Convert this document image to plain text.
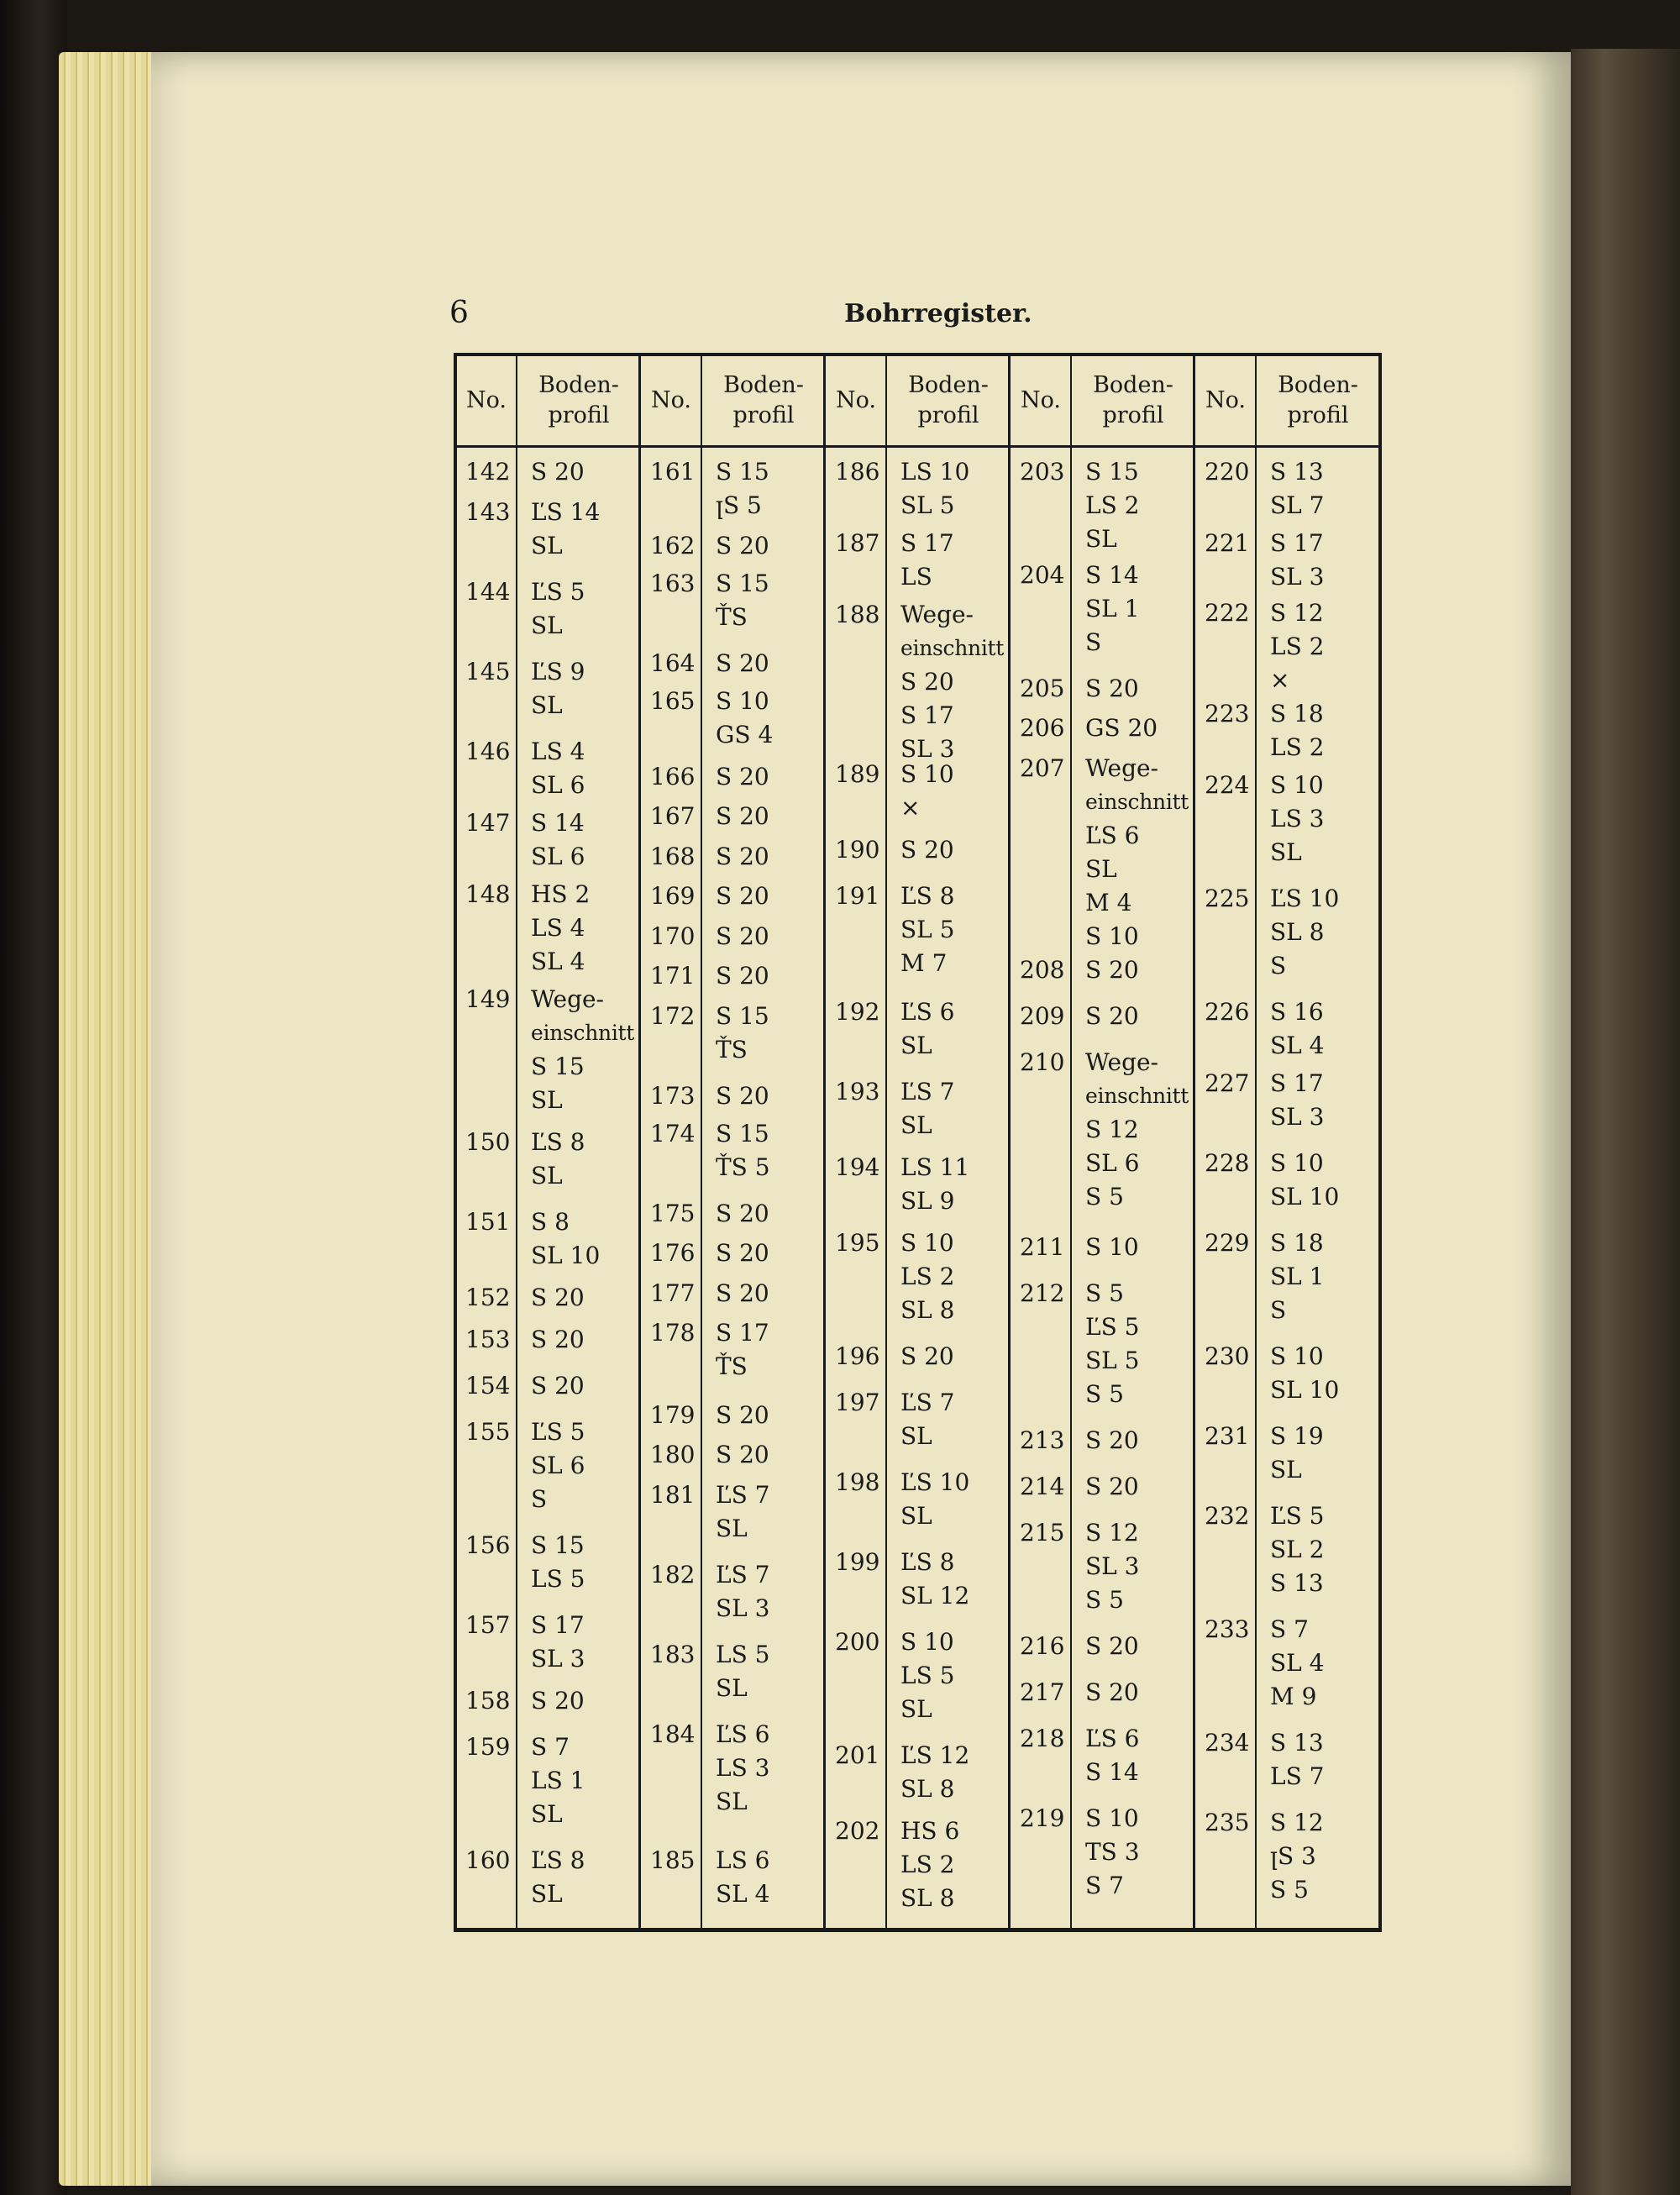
6	Bohrregister.
No.
Boden-
profil
142 S 20
143 ĽS 14
SL
144 ĽS 5
SL
145 ĽS 9
SL
146 LS 4
SL 6
147 S 14
SL 6
148 HS 2
LS 4
SL 4
149 Wege-
einschnitt
S 15
SL
150 ĽS 8
SL
151 S 8
SL 10
152 S 20
153 S 20
154 S 20
155 ĽS 5
SL 6
S
156 S 15
LS 5
157 S 17
SL 3
158 S 20
159 S 7
LS 1
SL
160 ĽS 8
SL
No.
Boden-
profil
161 S 15
ꞁS 5
162 S 20
163 S 15
ŤS
164 S 20
165 S 10
GS 4
166 S 20
167 S 20
168 S 20
169 S 20
170 S 20
171 S 20
172 S 15
ŤS
173 S 20
174 S 15
ŤS 5
175 S 20
176 S 20
177 S 20
178 S 17
ŤS
179 S 20
180 S 20
181 ĽS 7
SL
182 ĽS 7
SL 3
183 LS 5
SL
184 ĽS 6
LS 3
SL
185 LS 6
SL 4
No.
Boden-
profil
186 LS 10
SL 5
187 S 17
LS
188 Wege-
einschnitt
S 20
S 17
SL 3
189 S 10
×
190 S 20
191 ĽS 8
SL 5
M 7
192 ĽS 6
SL
193 ĽS 7
SL
194 LS 11
SL 9
195 S 10
LS 2
SL 8
196 S 20
197 ĽS 7
SL
198 ĽS 10
SL
199 ĽS 8
SL 12
200 S 10
LS 5
SL
201 ĽS 12
SL 8
202 HS 6
LS 2
SL 8
No.
Boden-
profil
203 S 15
LS 2
SL
204 S 14
SL 1
S
205 S 20
206 GS 20
207 Wege-
einschnitt
ĽS 6
SL
M 4
S 10
208 S 20
209 S 20
210 Wege-
einschnitt
S 12
SL 6
S 5
211 S 10
212 S 5
ĽS 5
SL 5
S 5
213 S 20
214 S 20
215 S 12
SL 3
S 5
216 S 20
217 S 20
218 ĽS 6
S 14
219 S 10
TS 3
S 7
No.
Boden-
profil
220 S 13
SL 7
221 S 17
SL 3
222 S 12
LS 2
×
223 S 18
LS 2
224 S 10
LS 3
SL
225 ĽS 10
SL 8
S
226 S 16
SL 4
227 S 17
SL 3
228 S 10
SL 10
229 S 18
SL 1
S
230 S 10
SL 10
231 S 19
SL
232 ĽS 5
SL 2
S 13
233 S 7
SL 4
M 9
234 S 13
LS 7
235 S 12
ꞁS 3
S 5
